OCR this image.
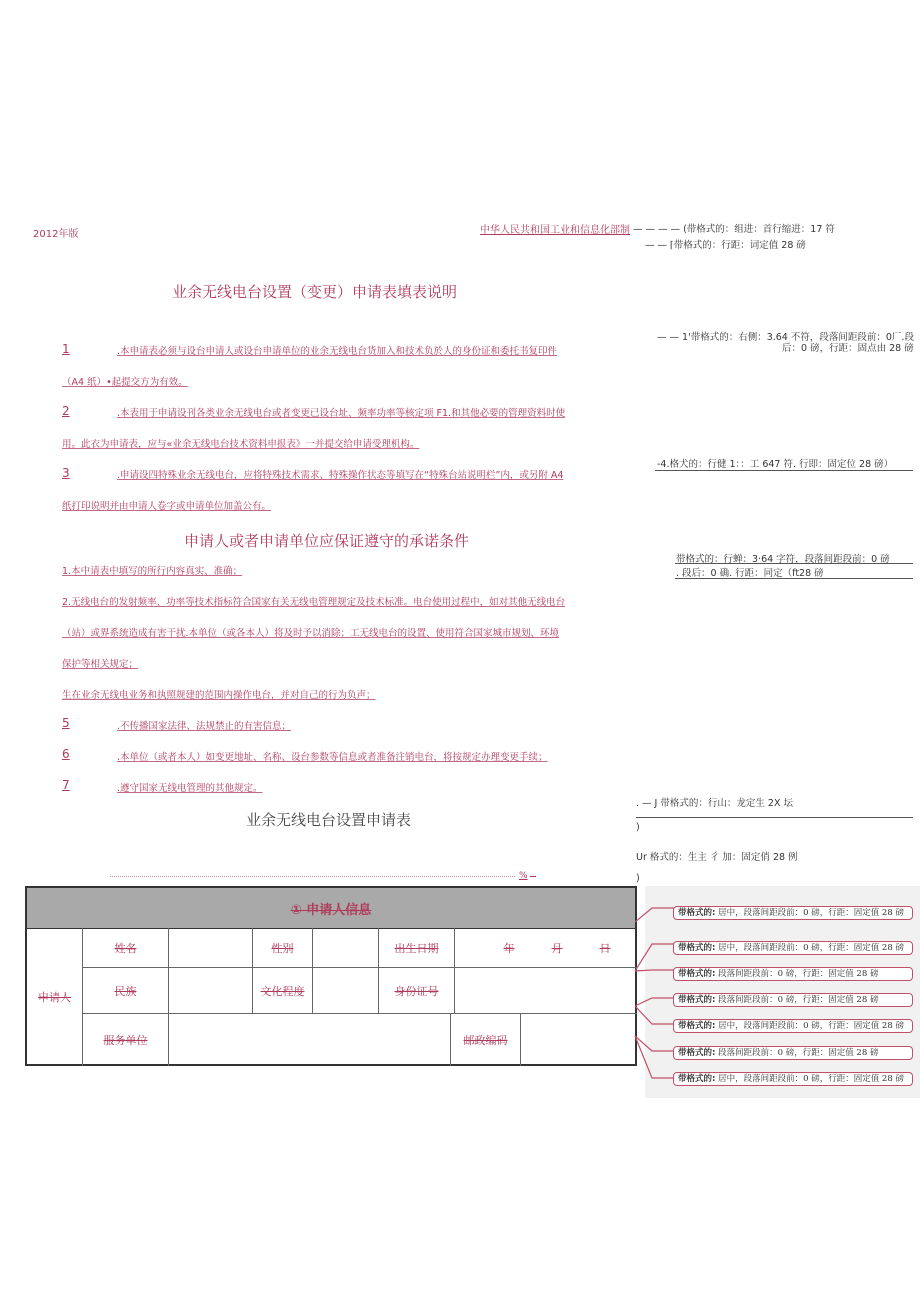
2012年版	中华人民共和国工业和信息化部制 — — — — (带格式的：组进：首行缩进：17 符
— — ⌈带格式的：行距：词定值 28 磅
业余无线电台设置（变更）申请表填表说明
1	.本申请表必须与设台申请人或设台申请单位的业余无线电台货加入和技术负於人的身份证和委托书复印件
（A4 纸）•起提交方为有效。
2	.本表用于申请设刊各类业余无线电台或者变更已设台址、频率功率等核定项 F1.和其他必要的管理资料时使
用。此衣为申请表，应与«业余无线电台技术资料申报表》一并提交给申请受理机构。
3	.申请设四特殊业余无线电台，应将特殊技术需求、特殊操作状态等填写在“特殊台站说明栏”内，或另附 A4
纸打印说明并由申请人卷字或申请单位加盖公有。
申请人或者申请单位应保证遵守的承诺条件
1.本中请表中填写的所行内容真实、准确；
2.无线电台的发射频率、功率等技术指标符合国家有关无线电管理规定及技术标准。电台使用过程中，如对其他无线电台
（站）或界系统造成有害干扰.本单位（或各本人）将及时予以消除；工无线电台的设置、使用符合国家城市规划、环境
保护等相关规定；
生在业余无线电业务和执照规建的范围内操作电台，并对自己的行为负声；
5	.不传播国家法律、法规禁止的有害信息；
6	.本单位（或者本人）如变更地址、名称、设台参数等信息或者准备注销电台，将按规定办理变更手续；
7	.遵守国家无线电管理的其他规定。
业余无线电台设置申请表
%
— — 1'带格式的：右侧：3.64 不符，段落间距段前：0厂.段
后：0 磅，行距：固点由 28 磅
-4.格犬的：行健 1：：工 647 符. 行即：固定位 28 磅）
带格式的：行蝉：3·64 字符，段落间距段前：0 磅
. 段后：0 确. 行距：同定（ft28 磅
. — J 带格式的：行山：龙定生 2X 坛
)
Ur 格式的：生主 彳 加：固定俏 28 例
)
① 申请人信息
申请人
姓名	性别	出生日期	年	月	日
民族	文化程度	身份证号
服务单位	邮政编码
带格式的: 居中，段落间距段前：0 磅，行距：固定值 28 磅
带格式的: 居中，段落间距段前：0 磅，行距：固定值 28 磅
带格式的: 段落间距段前：0 磅，行距：固定值 28 磅
带格式的: 段落间距段前：0 磅，行距：固定值 28 磅
带格式的: 居中，段落间距段前：0 磅，行距：固定值 28 磅
带格式的: 段落间距段前：0 磅，行距：固定值 28 磅
带格式的: 居中，段落间距段前：0 磅，行距：固定值 28 磅
